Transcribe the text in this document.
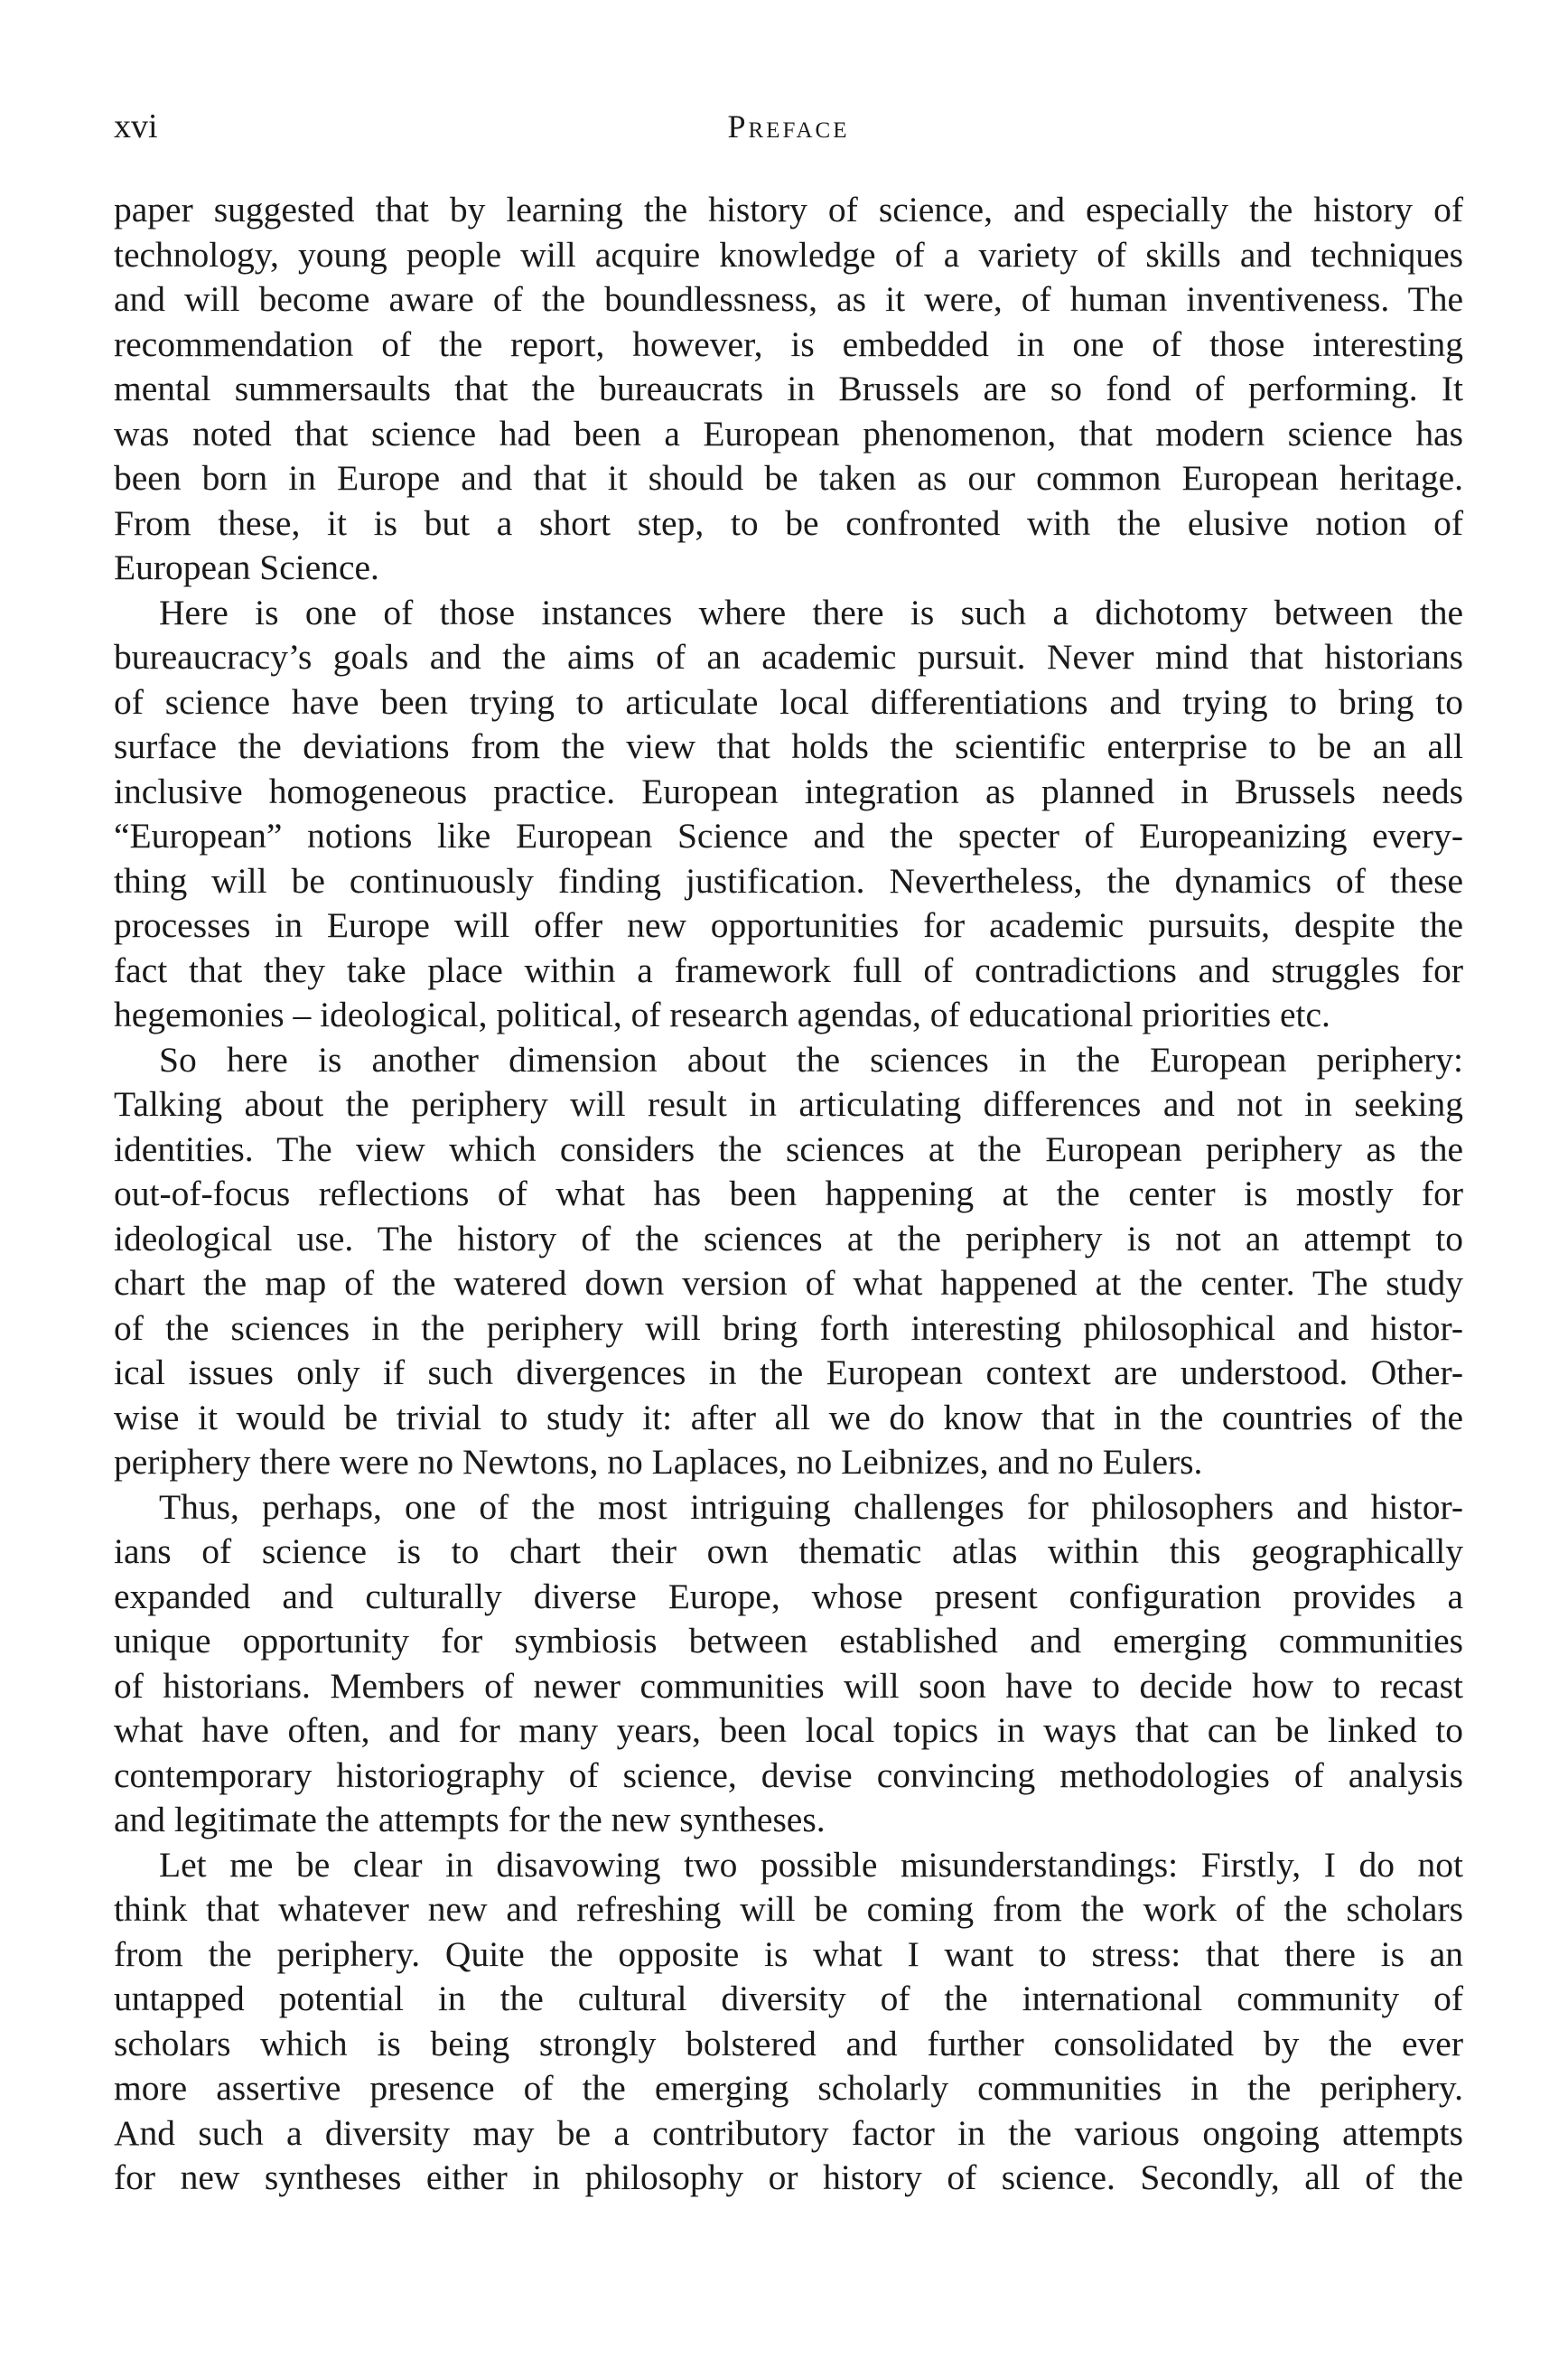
xvi	Preface

paper suggested that by learning the history of science, and especially the history of
technology, young people will acquire knowledge of a variety of skills and techniques
and will become aware of the boundlessness, as it were, of human inventiveness. The
recommendation of the report, however, is embedded in one of those interesting
mental summersaults that the bureaucrats in Brussels are so fond of performing. It
was noted that science had been a European phenomenon, that modern science has
been born in Europe and that it should be taken as our common European heritage.
From these, it is but a short step, to be confronted with the elusive notion of
European Science.

Here is one of those instances where there is such a dichotomy between the
bureaucracy’s goals and the aims of an academic pursuit. Never mind that historians
of science have been trying to articulate local differentiations and trying to bring to
surface the deviations from the view that holds the scientific enterprise to be an all
inclusive homogeneous practice. European integration as planned in Brussels needs
“European” notions like European Science and the specter of Europeanizing every-
thing will be continuously finding justification. Nevertheless, the dynamics of these
processes in Europe will offer new opportunities for academic pursuits, despite the
fact that they take place within a framework full of contradictions and struggles for
hegemonies – ideological, political, of research agendas, of educational priorities etc.

So here is another dimension about the sciences in the European periphery:
Talking about the periphery will result in articulating differences and not in seeking
identities. The view which considers the sciences at the European periphery as the
out-of-focus reflections of what has been happening at the center is mostly for
ideological use. The history of the sciences at the periphery is not an attempt to
chart the map of the watered down version of what happened at the center. The study
of the sciences in the periphery will bring forth interesting philosophical and histor-
ical issues only if such divergences in the European context are understood. Other-
wise it would be trivial to study it: after all we do know that in the countries of the
periphery there were no Newtons, no Laplaces, no Leibnizes, and no Eulers.

Thus, perhaps, one of the most intriguing challenges for philosophers and histor-
ians of science is to chart their own thematic atlas within this geographically
expanded and culturally diverse Europe, whose present configuration provides a
unique opportunity for symbiosis between established and emerging communities
of historians. Members of newer communities will soon have to decide how to recast
what have often, and for many years, been local topics in ways that can be linked to
contemporary historiography of science, devise convincing methodologies of analysis
and legitimate the attempts for the new syntheses.

Let me be clear in disavowing two possible misunderstandings: Firstly, I do not
think that whatever new and refreshing will be coming from the work of the scholars
from the periphery. Quite the opposite is what I want to stress: that there is an
untapped potential in the cultural diversity of the international community of
scholars which is being strongly bolstered and further consolidated by the ever
more assertive presence of the emerging scholarly communities in the periphery.
And such a diversity may be a contributory factor in the various ongoing attempts
for new syntheses either in philosophy or history of science. Secondly, all of the
